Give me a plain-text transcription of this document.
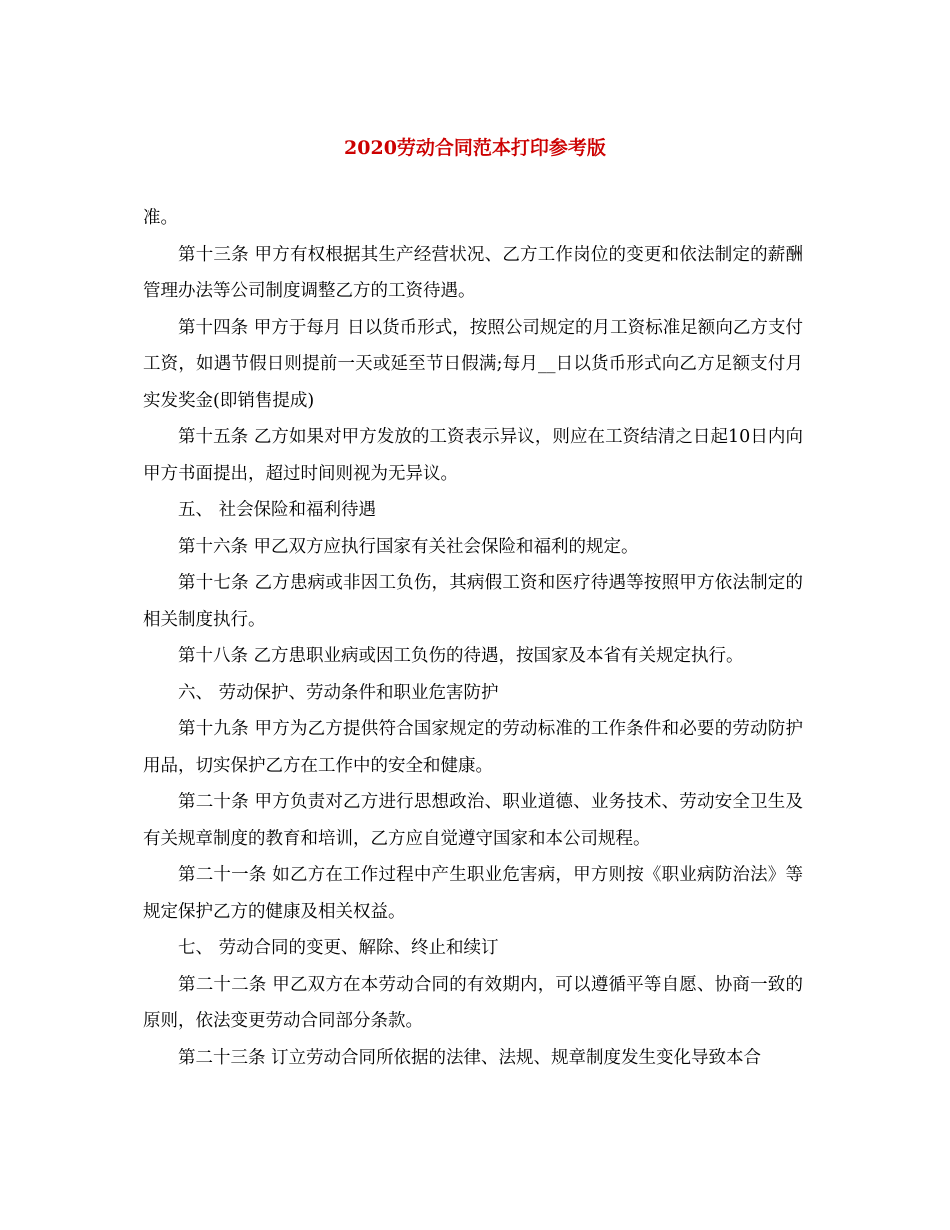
2020劳动合同范本打印参考版

准。

第十三条 甲方有权根据其生产经营状况、乙方工作岗位的变更和依法制定的薪酬管理办法等公司制度调整乙方的工资待遇。

第十四条 甲方于每月 日以货币形式，按照公司规定的月工资标准足额向乙方支付工资，如遇节假日则提前一天或延至节日假满;每月__日以货币形式向乙方足额支付月实发奖金(即销售提成)

第十五条 乙方如果对甲方发放的工资表示异议，则应在工资结清之日起10日内向甲方书面提出，超过时间则视为无异议。

五、 社会保险和福利待遇

第十六条 甲乙双方应执行国家有关社会保险和福利的规定。

第十七条 乙方患病或非因工负伤，其病假工资和医疗待遇等按照甲方依法制定的相关制度执行。

第十八条 乙方患职业病或因工负伤的待遇，按国家及本省有关规定执行。

六、 劳动保护、劳动条件和职业危害防护

第十九条 甲方为乙方提供符合国家规定的劳动标准的工作条件和必要的劳动防护用品，切实保护乙方在工作中的安全和健康。

第二十条 甲方负责对乙方进行思想政治、职业道德、业务技术、劳动安全卫生及有关规章制度的教育和培训，乙方应自觉遵守国家和本公司规程。

第二十一条 如乙方在工作过程中产生职业危害病，甲方则按《职业病防治法》等规定保护乙方的健康及相关权益。

七、 劳动合同的变更、解除、终止和续订

第二十二条 甲乙双方在本劳动合同的有效期内，可以遵循平等自愿、协商一致的原则，依法变更劳动合同部分条款。

第二十三条 订立劳动合同所依据的法律、法规、规章制度发生变化导致本合
